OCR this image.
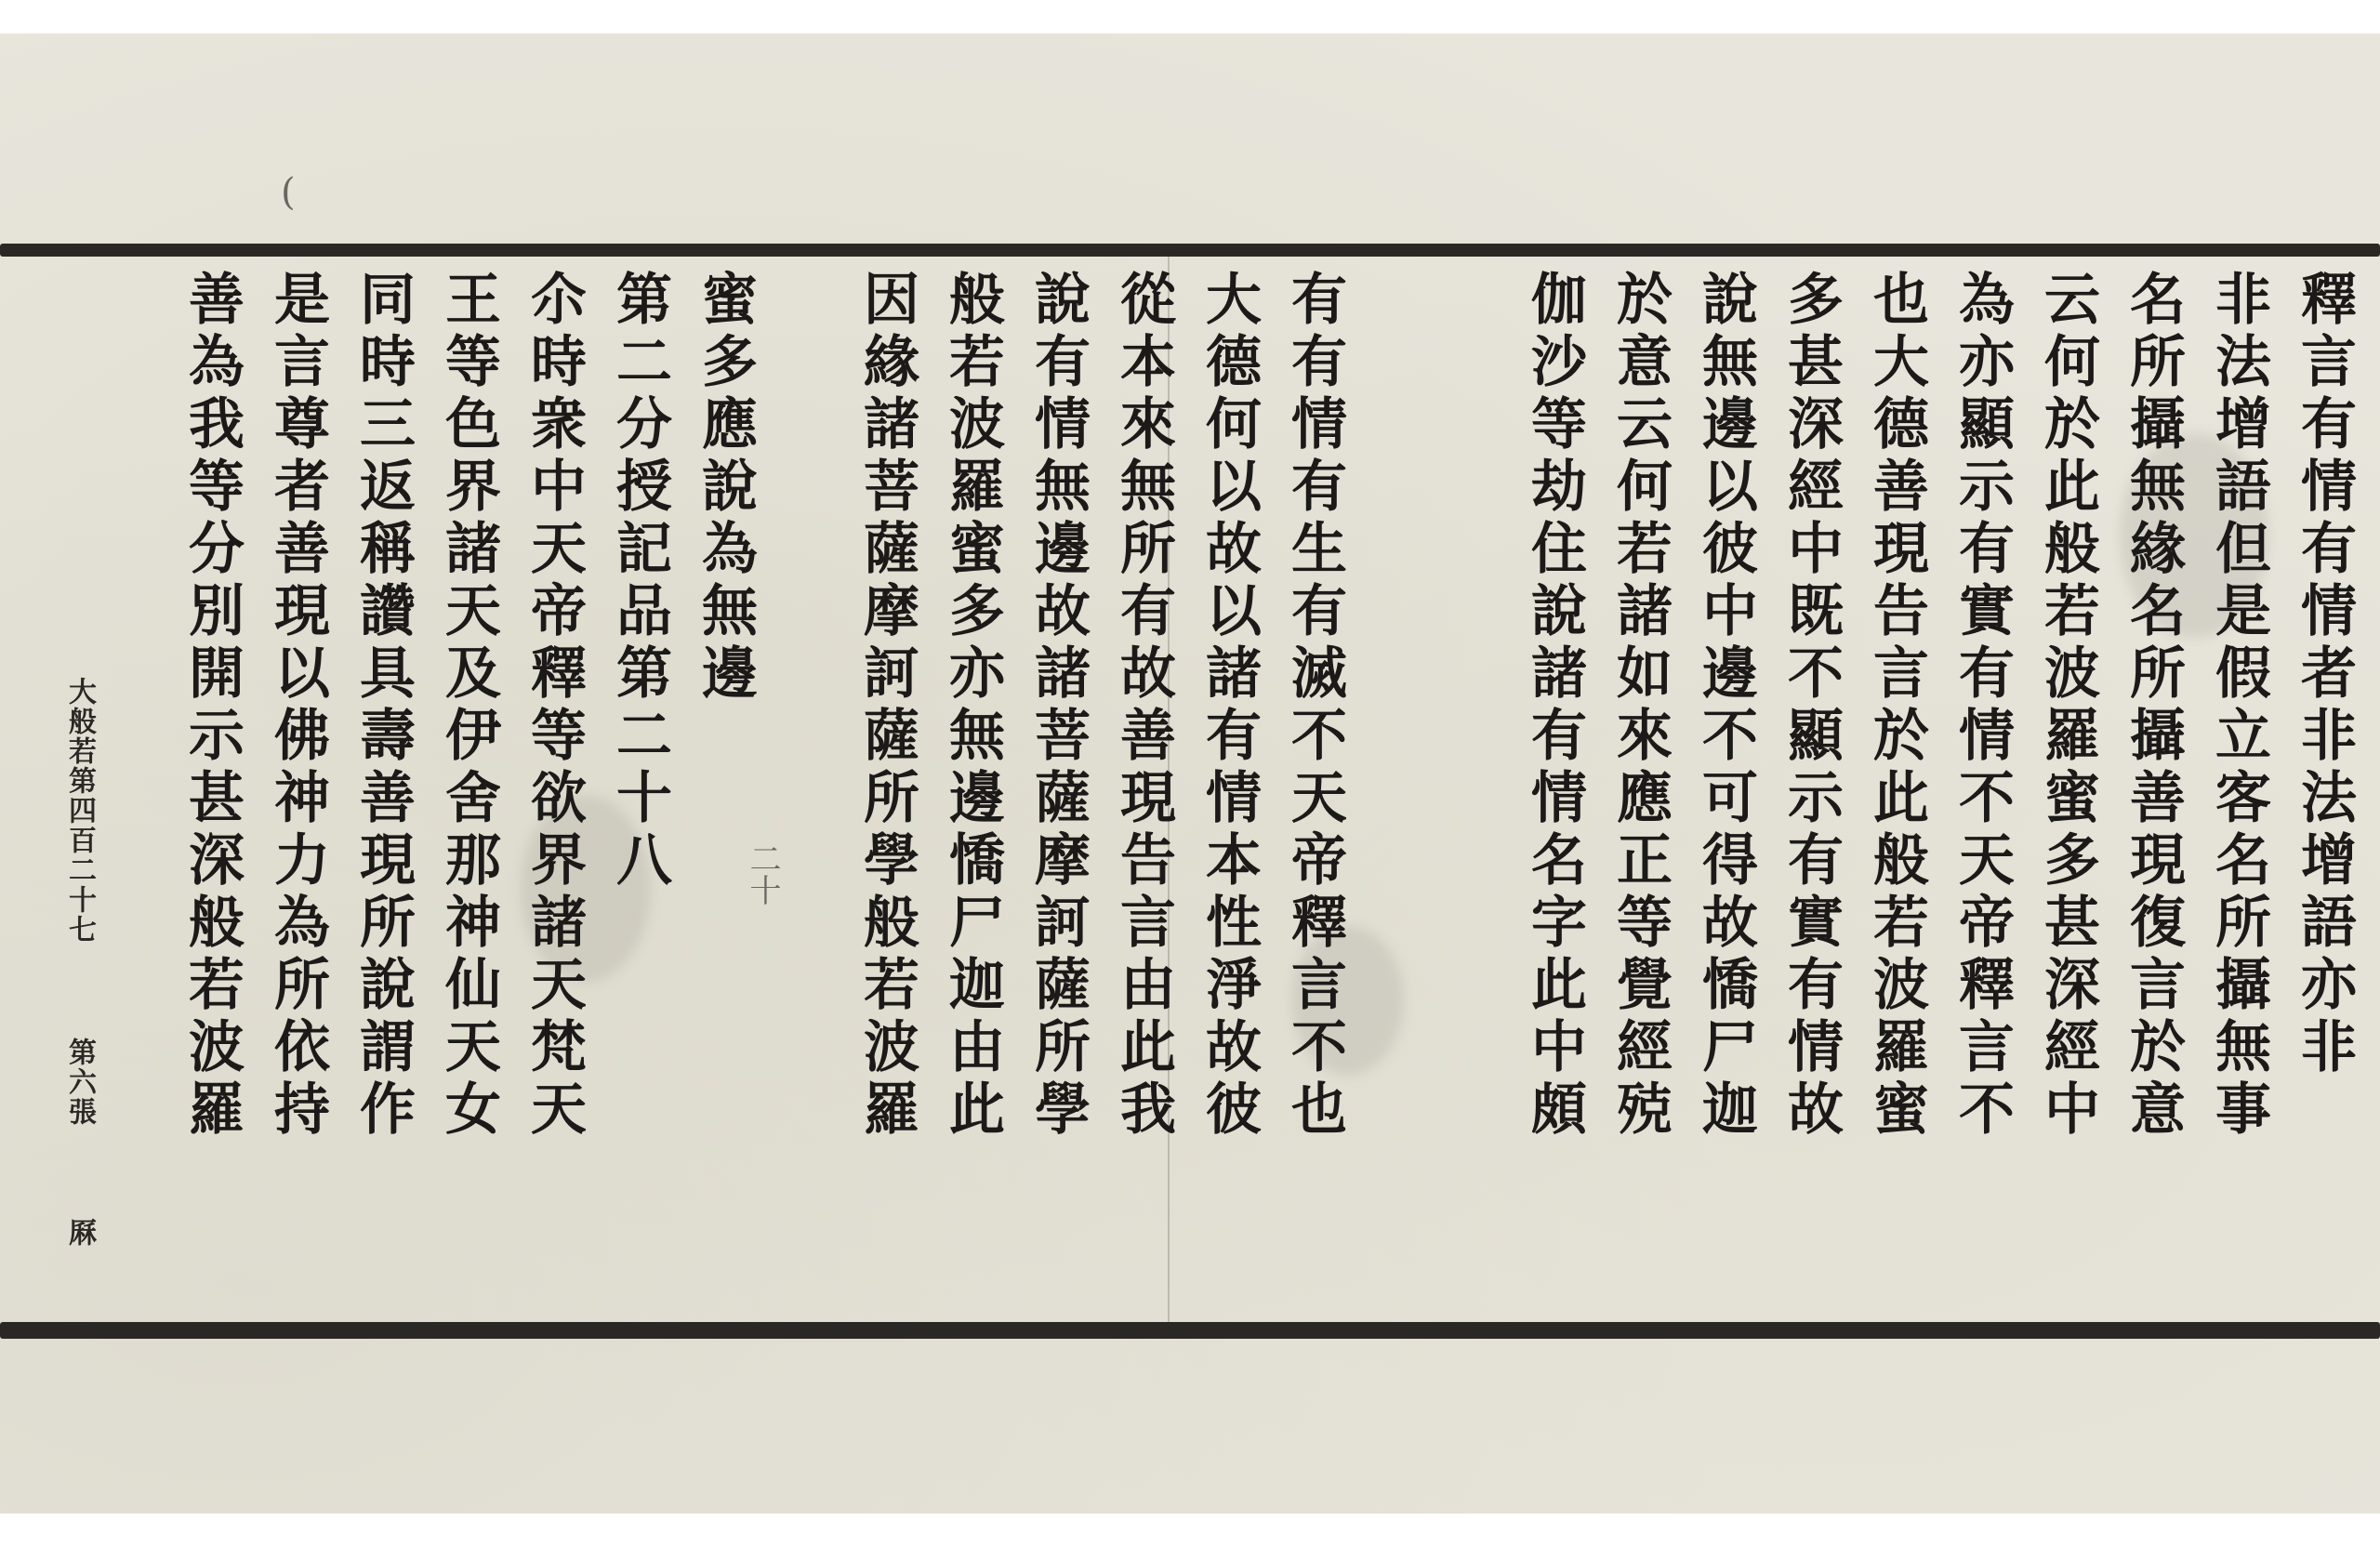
(
二十	釋言有情有情者非法增語亦非
非法增語但是假立客名所攝無事
名所攝無緣名所攝善現復言於意
云何於此般若波羅蜜多甚深經中
為亦顯示有實有情不天帝釋言不
也大德善現告言於此般若波羅蜜
多甚深經中既不顯示有實有情故
說無邊以彼中邊不可得故憍尸迦
於意云何若諸如來應正等覺經殑
伽沙等劫住說諸有情名字此中頗
有有情有生有滅不天帝釋言不也
大德何以故以諸有情本性淨故彼
從本來無所有故善現告言由此我
說有情無邊故諸菩薩摩訶薩所學
般若波羅蜜多亦無邊憍尸迦由此
因緣諸菩薩摩訶薩所學般若波羅
蜜多應說為無邊
第二分授記品第二十八
尒時衆中天帝釋等欲界諸天梵天
王等色界諸天及伊舍那神仙天女
同時三返稱讚具壽善現所說謂作
是言尊者善現以佛神力為所依持
善為我等分別開示甚深般若波羅
大般若第四百二十七
第六張
厤
